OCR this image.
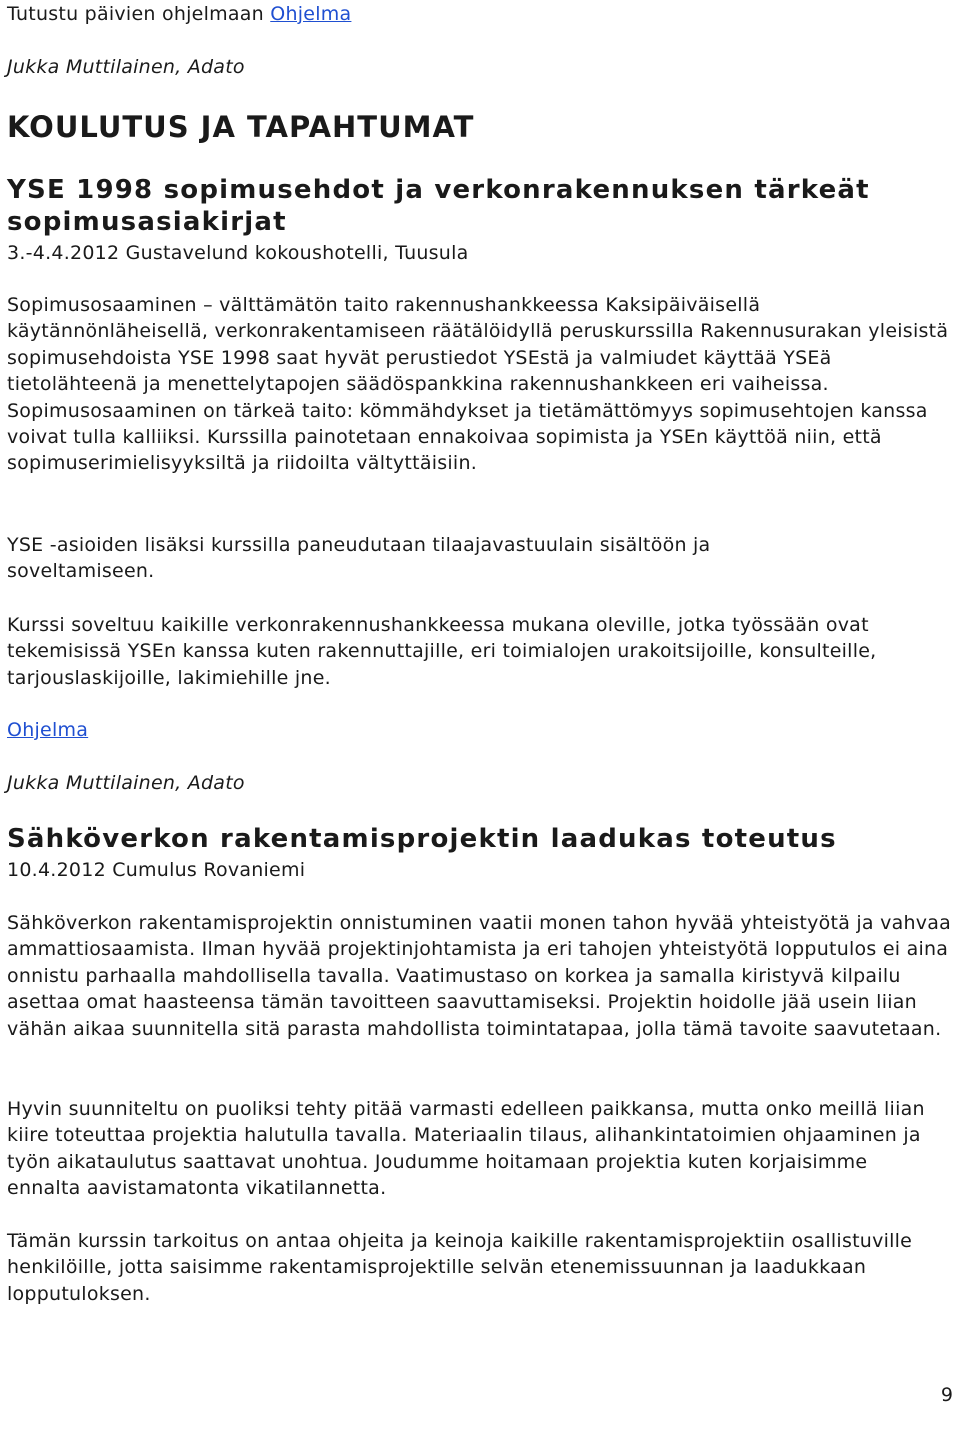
Tutustu päivien ohjelmaan Ohjelma

Jukka Muttilainen, Adato

KOULUTUS JA TAPAHTUMAT
YSE 1998 sopimusehdot ja verkonrakennuksen tärkeät sopimusasiakirjat

3.-4.4.2012 Gustavelund kokoushotelli, Tuusula

Sopimusosaaminen – välttämätön taito rakennushankkeessa Kaksipäiväisellä käytännönläheisellä, verkonrakentamiseen räätälöidyllä peruskurssilla Rakennusurakan yleisistä sopimusehdoista YSE 1998 saat hyvät perustiedot YSEstä ja valmiudet käyttää YSEä tietolähteenä ja menettelytapojen säädöspankkina rakennushankkeen eri vaiheissa. Sopimusosaaminen on tärkeä taito: kömmähdykset ja tietämättömyys sopimusehtojen kanssa voivat tulla kalliiksi. Kurssilla painotetaan ennakoivaa sopimista ja YSEn käyttöä niin, että sopimuserimielisyyksiltä ja riidoilta vältyttäisiin.

YSE -asioiden lisäksi kurssilla paneudutaan tilaajavastuulain sisältöön ja soveltamiseen.

Kurssi soveltuu kaikille verkonrakennushankkeessa mukana oleville, jotka työssään ovat tekemisissä YSEn kanssa kuten rakennuttajille, eri toimialojen urakoitsijoille, konsulteille, tarjouslaskijoille, lakimiehille jne.

Ohjelma

Jukka Muttilainen, Adato

Sähköverkon rakentamisprojektin laadukas toteutus

10.4.2012 Cumulus Rovaniemi

Sähköverkon rakentamisprojektin onnistuminen vaatii monen tahon hyvää yhteistyötä ja vahvaa ammattiosaamista. Ilman hyvää projektinjohtamista ja eri tahojen yhteistyötä lopputulos ei aina onnistu parhaalla mahdollisella tavalla. Vaatimustaso on korkea ja samalla kiristyvä kilpailu asettaa omat haasteensa tämän tavoitteen saavuttamiseksi. Projektin hoidolle jää usein liian vähän aikaa suunnitella sitä parasta mahdollista toimintatapaa, jolla tämä tavoite saavutetaan.

Hyvin suunniteltu on puoliksi tehty pitää varmasti edelleen paikkansa, mutta onko meillä liian kiire toteuttaa projektia halutulla tavalla. Materiaalin tilaus, alihankintatoimien ohjaaminen ja työn aikataulutus saattavat unohtua. Joudumme hoitamaan projektia kuten korjaisimme ennalta aavistamatonta vikatilannetta.

Tämän kurssin tarkoitus on antaa ohjeita ja keinoja kaikille rakentamisprojektiin osallistuville henkilöille, jotta saisimme rakentamisprojektille selvän etenemissuunnan ja laadukkaan lopputuloksen.

9
